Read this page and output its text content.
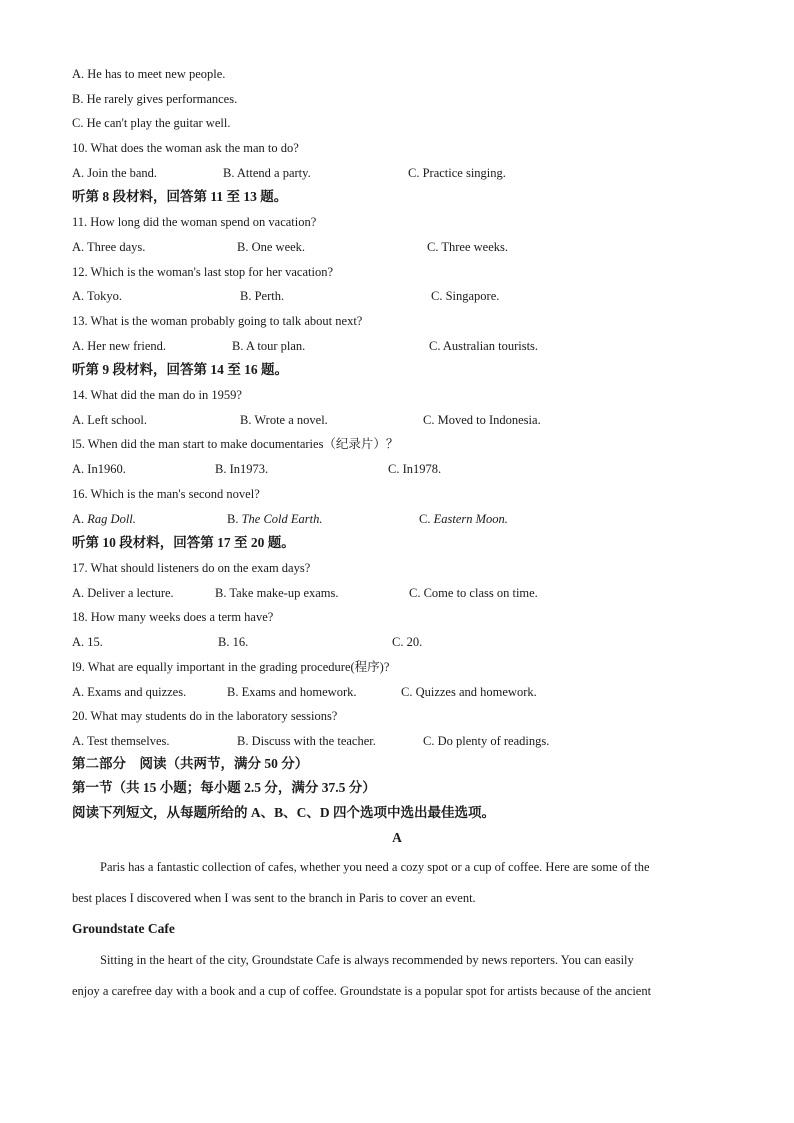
A. He has to meet new people.
B. He rarely gives performances.
C. He can't play the guitar well.
10. What does the woman ask the man to do?
A. Join the band.	B. Attend a party.	C. Practice singing.
听第 8 段材料，回答第 11 至 13 题。
11. How long did the woman spend on vacation?
A. Three days.	B. One week.	C. Three weeks.
12. Which is the woman's last stop for her vacation?
A. Tokyo.	B. Perth.	C. Singapore.
13. What is the woman probably going to talk about next?
A. Her new friend.	B. A tour plan.	C. Australian tourists.
听第 9 段材料，回答第 14 至 16 题。
14. What did the man do in 1959?
A. Left school.	B. Wrote a novel.	C. Moved to Indonesia.
l5. When did the man start to make documentaries（纪录片）？
A. In1960.	B. In1973.	C. In1978.
16. Which is the man's second novel?
A. Rag Doll.	B. The Cold Earth.	C. Eastern Moon.
听第 10 段材料，回答第 17 至 20 题。
17. What should listeners do on the exam days?
A. Deliver a lecture.	B. Take make-up exams.	C. Come to class on time.
18. How many weeks does a term have?
A. 15.	B. 16.	C. 20.
l9. What are equally important in the grading procedure(程序)?
A. Exams and quizzes.	B. Exams and homework.	C. Quizzes and homework.
20. What may students do in the laboratory sessions?
A. Test themselves.	B. Discuss with the teacher.	C. Do plenty of readings.
第二部分　阅读（共两节，满分 50 分）
第一节（共 15 小题；每小题 2.5 分，满分 37.5 分）
阅读下列短文，从每题所给的 A、B、C、D 四个选项中选出最佳选项。
A
Paris has a fantastic collection of cafes, whether you need a cozy spot or a cup of coffee. Here are some of the
best places I discovered when I was sent to the branch in Paris to cover an event.
Groundstate Cafe
Sitting in the heart of the city, Groundstate Cafe is always recommended by news reporters. You can easily
enjoy a carefree day with a book and a cup of coffee. Groundstate is a popular spot for artists because of the ancient
